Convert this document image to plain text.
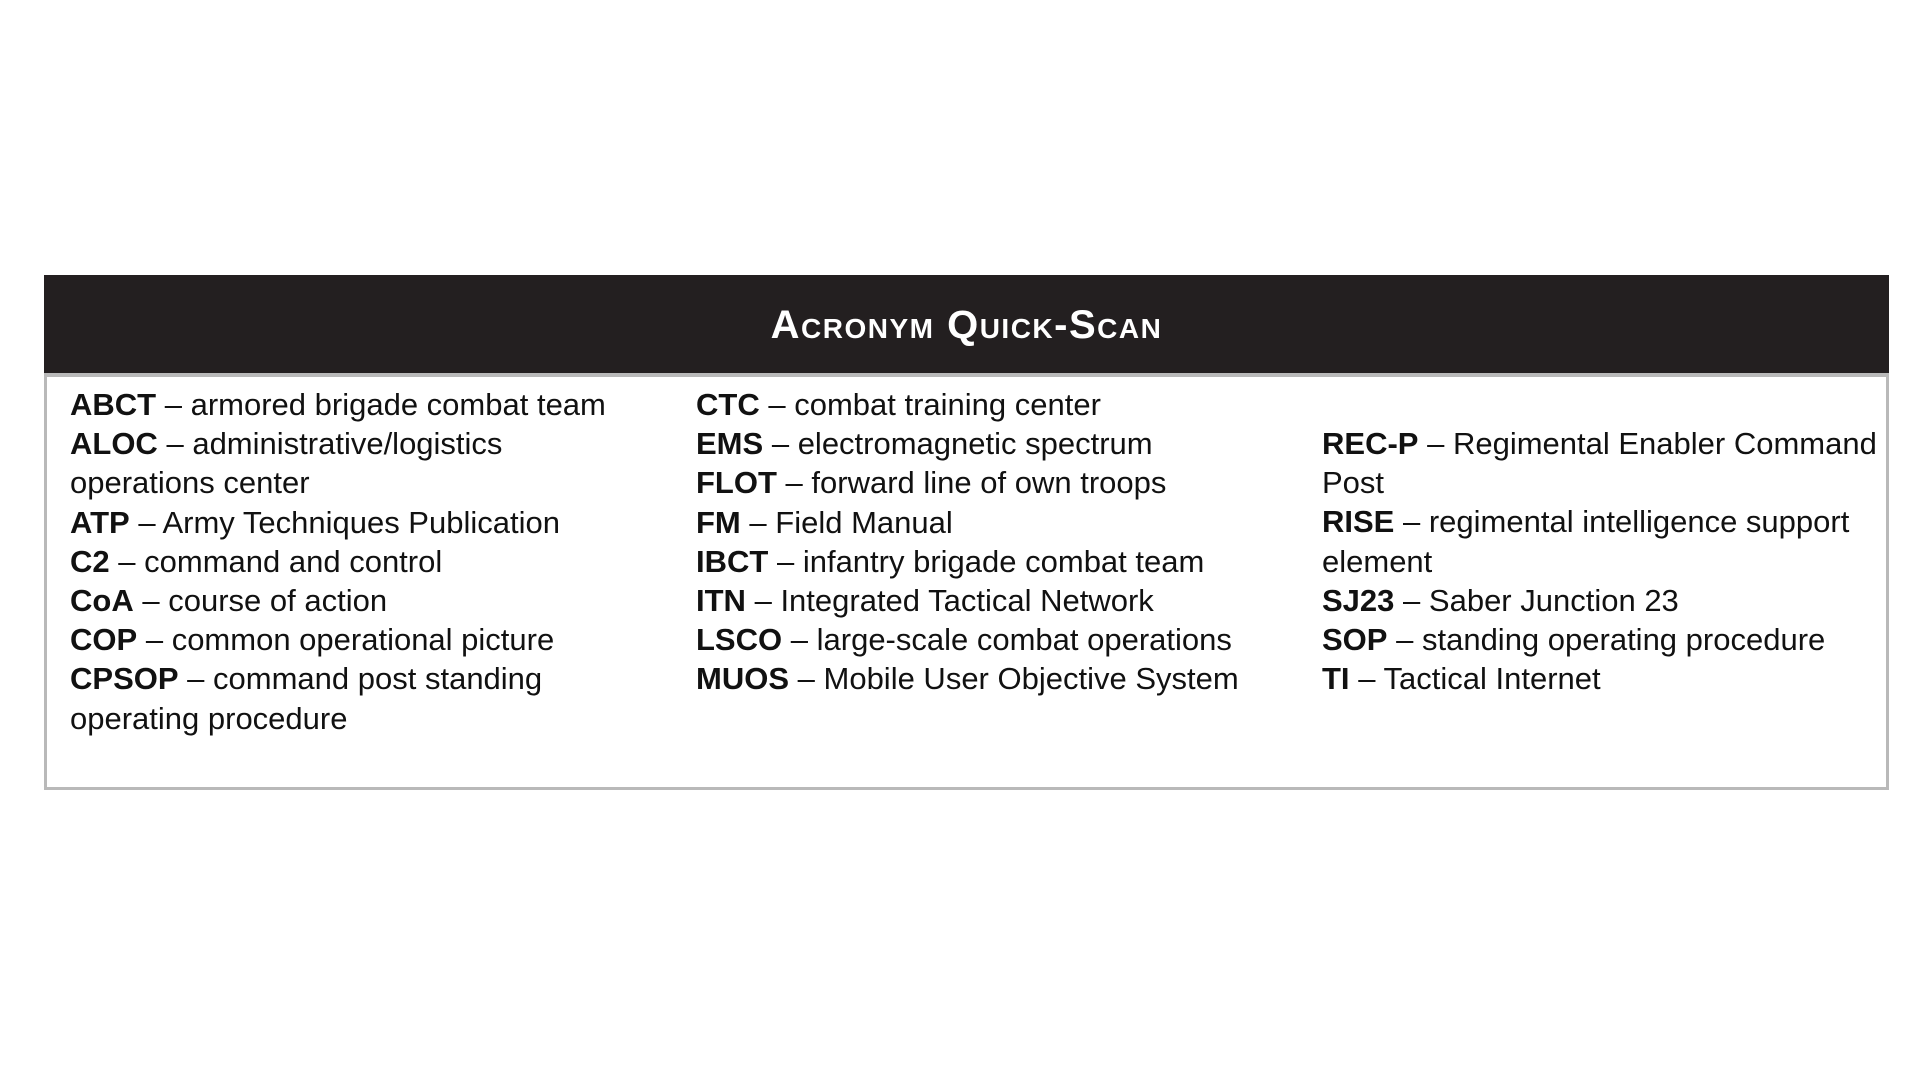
Acronym Quick-Scan

ABCT – armored brigade combat team

ALOC – administrative/logistics operations center

ATP – Army Techniques Publication

C2 – command and control

CoA – course of action

COP – common operational picture

CPSOP – command post standing operating procedure

CTC – combat training center

EMS – electromagnetic spectrum

FLOT – forward line of own troops

FM – Field Manual

IBCT – infantry brigade combat team

ITN – Integrated Tactical Network

LSCO – large-scale combat operations

MUOS – Mobile User Objective System

REC-P – Regimental Enabler Command Post

RISE – regimental intelligence support element

SJ23 – Saber Junction 23

SOP – standing operating procedure

TI – Tactical Internet
